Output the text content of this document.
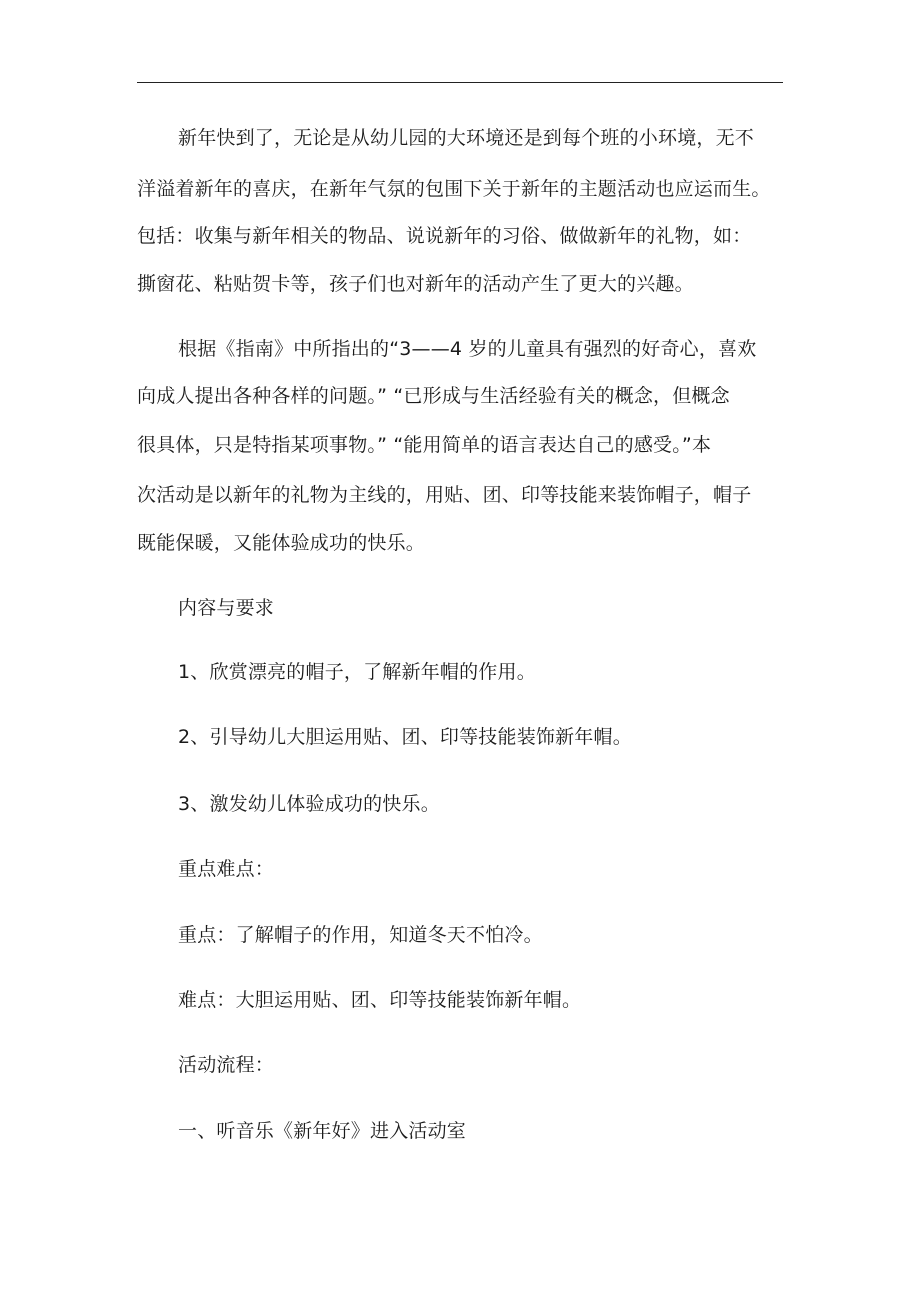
新年快到了，无论是从幼儿园的大环境还是到每个班的小环境，无不

洋溢着新年的喜庆，在新年气氛的包围下关于新年的主题活动也应运而生。

包括：收集与新年相关的物品、说说新年的习俗、做做新年的礼物，如：

撕窗花、粘贴贺卡等，孩子们也对新年的活动产生了更大的兴趣。

根据《指南》中所指出的“3——4 岁的儿童具有强烈的好奇心，喜欢

向成人提出各种各样的问题。” “已形成与生活经验有关的概念，但概念

很具体，只是特指某项事物。” “能用简单的语言表达自己的感受。”本

次活动是以新年的礼物为主线的，用贴、团、印等技能来装饰帽子，帽子

既能保暖，又能体验成功的快乐。

内容与要求

1、欣赏漂亮的帽子，了解新年帽的作用。

2、引导幼儿大胆运用贴、团、印等技能装饰新年帽。

3、激发幼儿体验成功的快乐。

重点难点：

重点：了解帽子的作用，知道冬天不怕冷。

难点：大胆运用贴、团、印等技能装饰新年帽。

活动流程：

一、听音乐《新年好》进入活动室
